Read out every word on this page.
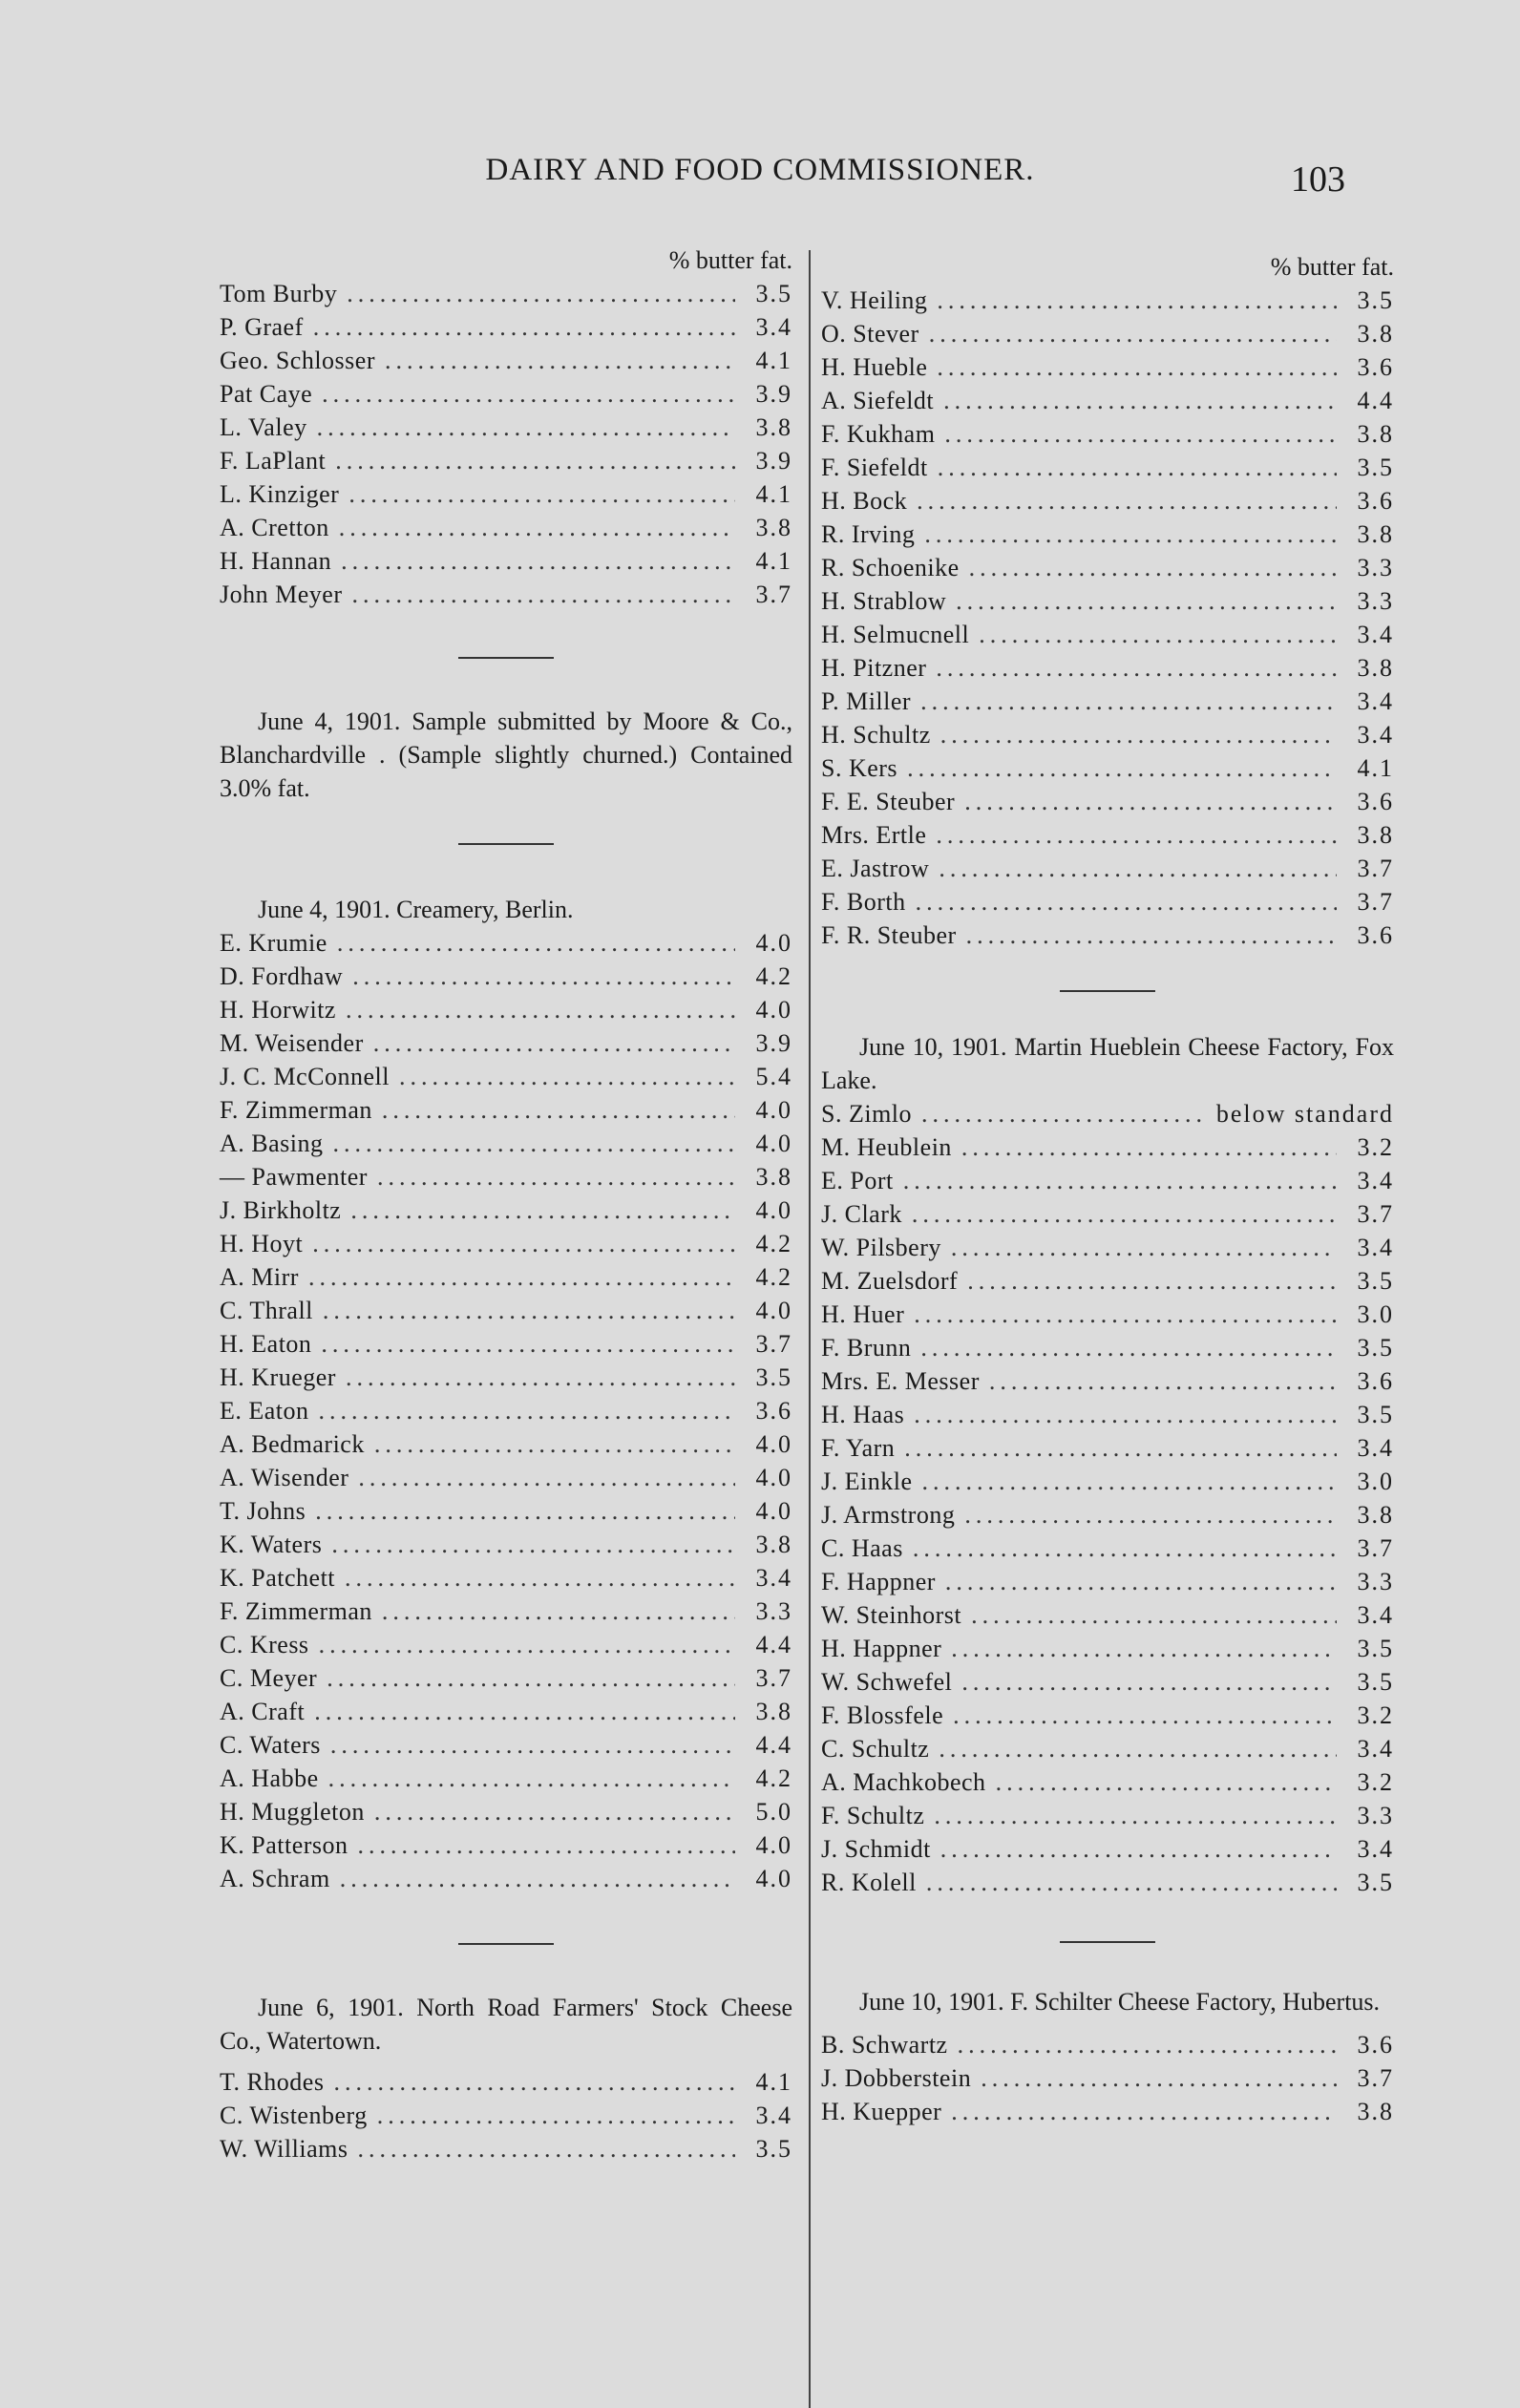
DAIRY AND FOOD COMMISSIONER.	103
% butter fat.
Tom Burby .....	3.5
P. Graef .....	3.4
Geo. Schlosser .....	4.1
Pat Caye .....	3.9
L. Valey .....	3.8
F. LaPlant .....	3.9
L. Kinziger .....	4.1
A. Cretton .....	3.8
H. Hannan .....	4.1
John Meyer .....	3.7
June 4, 1901. Sample submitted by Moore & Co., Blanchardville . (Sample slightly churned.) Contained 3.0% fat.
June 4, 1901. Creamery, Berlin.
E. Krumie .....	4.0
D. Fordhaw .....	4.2
H. Horwitz .....	4.0
M. Weisender .....	3.9
J. C. McConnell .....	5.4
F. Zimmerman .....	4.0
A. Basing .....	4.0
— Pawmenter .....	3.8
J. Birkholtz .....	4.0
H. Hoyt .....	4.2
A. Mirr .....	4.2
C. Thrall .....	4.0
H. Eaton .....	3.7
H. Krueger .....	3.5
E. Eaton .....	3.6
A. Bedmarick .....	4.0
A. Wisender .....	4.0
T. Johns .....	4.0
K. Waters .....	3.8
K. Patchett .....	3.4
F. Zimmerman .....	3.3
C. Kress .....	4.4
C. Meyer .....	3.7
A. Craft .....	3.8
C. Waters .....	4.4
A. Habbe .....	4.2
H. Muggleton .....	5.0
K. Patterson .....	4.0
A. Schram .....	4.0
June 6, 1901. North Road Farmers' Stock Cheese Co., Watertown.
T. Rhodes .....	4.1
C. Wistenberg .....	3.4
W. Williams .....	3.5
% butter fat.
V. Heiling .....	3.5
O. Stever .....	3.8
H. Hueble .....	3.6
A. Siefeldt .....	4.4
F. Kukham .....	3.8
F. Siefeldt .....	3.5
H. Bock .....	3.6
R. Irving .....	3.8
R. Schoenike .....	3.3
H. Strablow .....	3.3
H. Selmucnell .....	3.4
H. Pitzner .....	3.8
P. Miller .....	3.4
H. Schultz .....	3.4
S. Kers .....	4.1
F. E. Steuber .....	3.6
Mrs. Ertle .....	3.8
E. Jastrow .....	3.7
F. Borth .....	3.7
F. R. Steuber .....	3.6
June 10, 1901. Martin Hueblein Cheese Factory, Fox Lake.
S. Zimlo .....	below standard
M. Heublein .....	3.2
E. Port .....	3.4
J. Clark .....	3.7
W. Pilsbery .....	3.4
M. Zuelsdorf .....	3.5
H. Huer .....	3.0
F. Brunn .....	3.5
Mrs. E. Messer .....	3.6
H. Haas .....	3.5
F. Yarn .....	3.4
J. Einkle .....	3.0
J. Armstrong .....	3.8
C. Haas .....	3.7
F. Happner .....	3.3
W. Steinhorst .....	3.4
H. Happner .....	3.5
W. Schwefel .....	3.5
F. Blossfele .....	3.2
C. Schultz .....	3.4
A. Machkobech .....	3.2
F. Schultz .....	3.3
J. Schmidt .....	3.4
R. Kolell .....	3.5
June 10, 1901. F. Schilter Cheese Factory, Hubertus.
B. Schwartz .....	3.6
J. Dobberstein .....	3.7
H. Kuepper .....	3.8
